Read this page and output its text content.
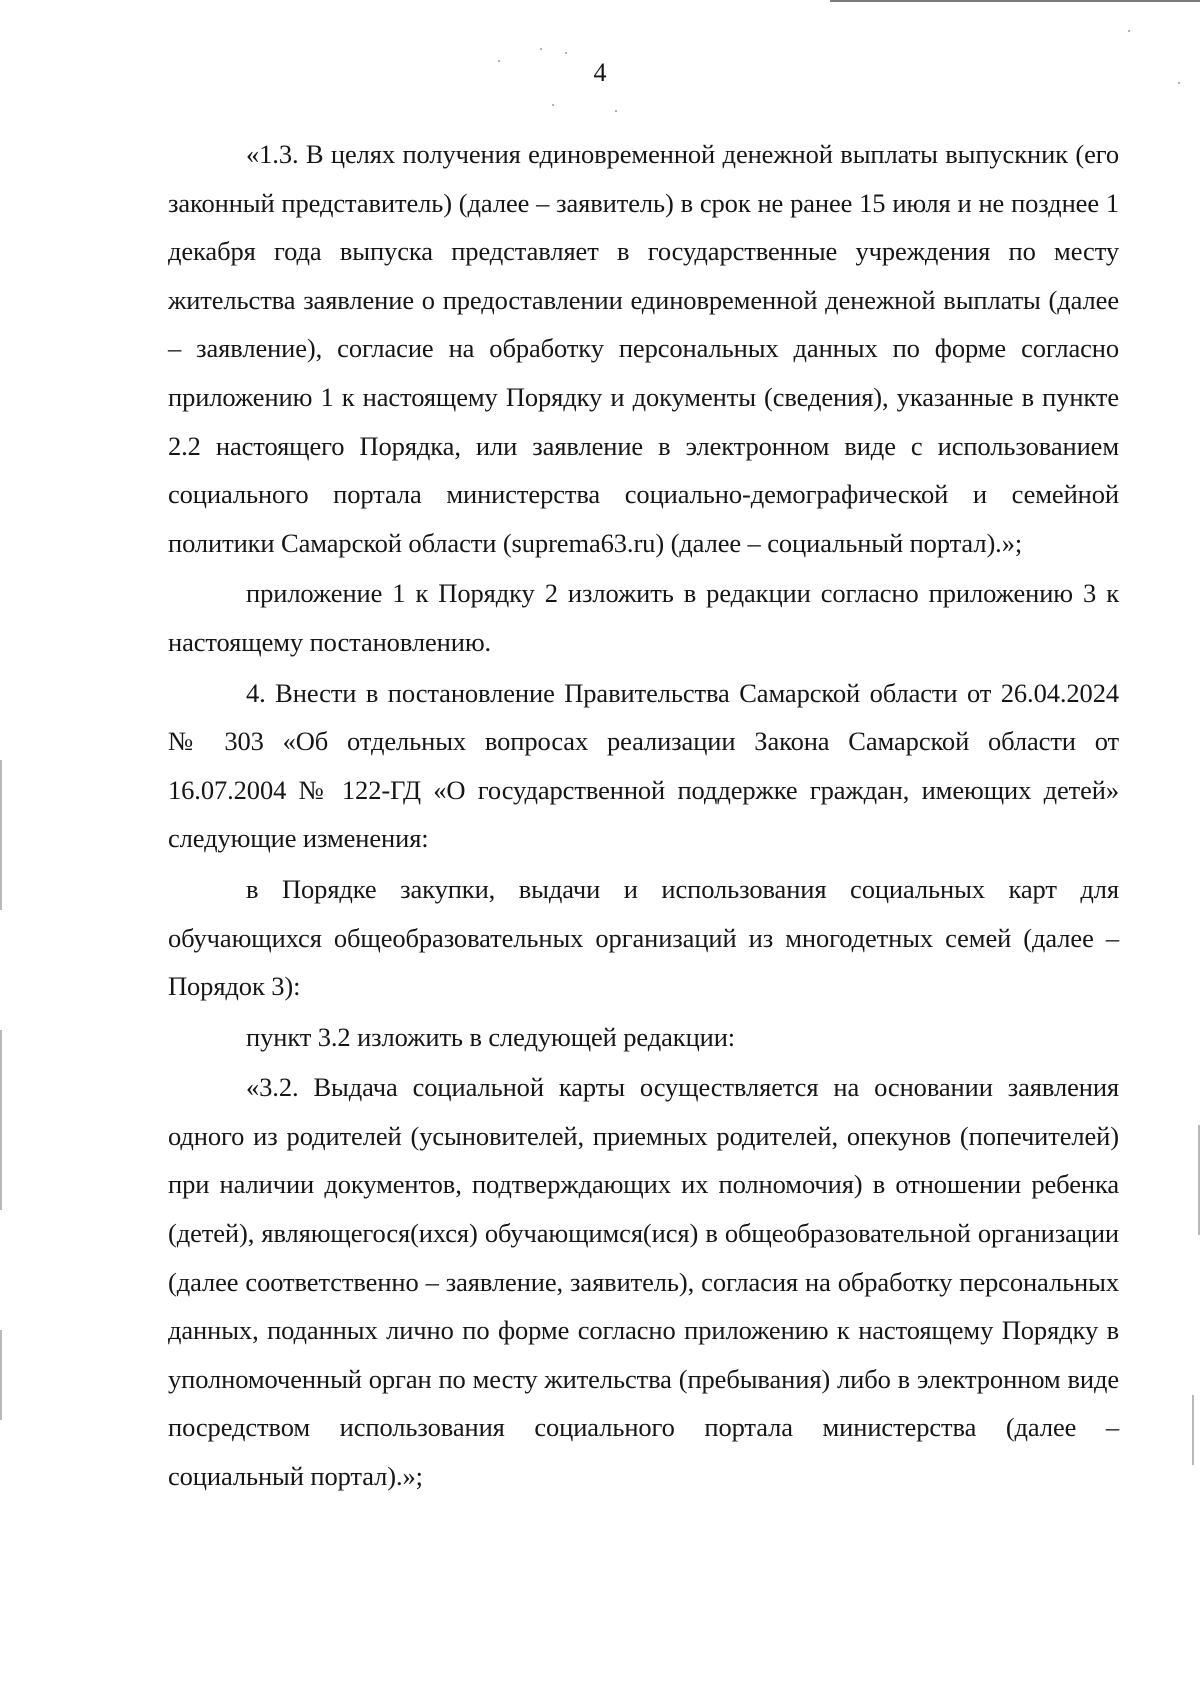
4

«1.3. В целях получения единовременной денежной выплаты выпускник (его законный представитель) (далее – заявитель) в срок не ранее 15 июля и не позднее 1 декабря года выпуска представляет в государственные учреждения по месту жительства заявление о предоставлении единовременной денежной выплаты (далее – заявление), согласие на обработку персональных данных по форме согласно приложению 1 к настоящему Порядку и документы (сведения), указанные в пункте 2.2 настоящего Порядка, или заявление в электронном виде с использованием социального портала министерства социально-демографической и семейной политики Самарской области (suprema63.ru) (далее – социальный портал).»;

приложение 1 к Порядку 2 изложить в редакции согласно приложению 3 к настоящему постановлению.

4. Внести в постановление Правительства Самарской области от 26.04.2024 № 303 «Об отдельных вопросах реализации Закона Самарской области от 16.07.2004 № 122-ГД «О государственной поддержке граждан, имеющих детей» следующие изменения:

в Порядке закупки, выдачи и использования социальных карт для обучающихся общеобразовательных организаций из многодетных семей (далее – Порядок 3):

пункт 3.2 изложить в следующей редакции:

«3.2. Выдача социальной карты осуществляется на основании заявления одного из родителей (усыновителей, приемных родителей, опекунов (попечителей) при наличии документов, подтверждающих их полномочия) в отношении ребенка (детей), являющегося(ихся) обучающимся(ися) в общеобразовательной организации (далее соответственно – заявление, заявитель), согласия на обработку персональных данных, поданных лично по форме согласно приложению к настоящему Порядку в уполномоченный орган по месту жительства (пребывания) либо в электронном виде посредством использования социального портала министерства (далее – социальный портал).»;
